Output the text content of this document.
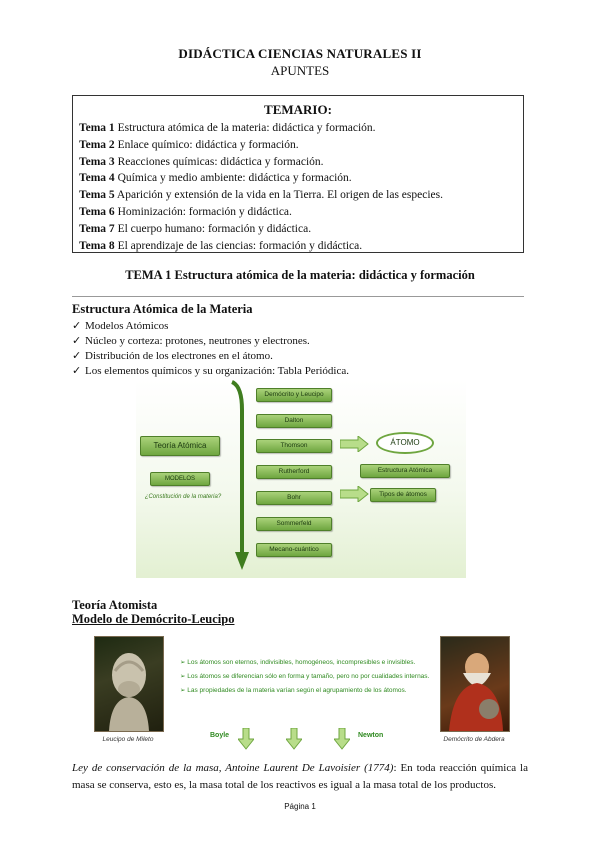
DIDÁCTICA CIENCIAS NATURALES II
APUNTES
TEMARIO:
Tema 1 Estructura atómica de la materia: didáctica y formación.
Tema 2 Enlace químico: didáctica y formación.
Tema 3 Reacciones químicas: didáctica y formación.
Tema 4 Química y medio ambiente: didáctica y formación.
Tema 5 Aparición y extensión de la vida en la Tierra. El origen de las especies.
Tema 6 Hominización: formación y didáctica.
Tema 7 El cuerpo humano: formación y didáctica.
Tema 8 El aprendizaje de las ciencias: formación y didáctica.
TEMA 1 Estructura atómica de la materia: didáctica y formación
Estructura Atómica de la Materia
✓ Modelos Atómicos
✓ Núcleo y corteza: protones, neutrones y electrones.
✓ Distribución de los electrones en el átomo.
✓ Los elementos químicos y su organización: Tabla Periódica.
Teoría Atómica
MODELOS
¿Constitución de la materia?
Demócrito y Leucipo
Dalton
Thomson
Rutherford
Bohr
Sommerfeld
Mecano-cuántico
ÁTOMO
Estructura Atómica
Tipos de átomos
Teoría Atomista
Modelo de Demócrito-Leucipo
Leucipo de Mileto
➢ Los átomos son eternos, indivisibles, homogéneos, incompresibles e invisibles.
➢ Los átomos se diferencian sólo en forma y tamaño, pero no por cualidades internas.
➢ Las propiedades de la materia varían según el agrupamiento de los átomos.
Boyle	Newton
Demócrito de Abdera
Ley de conservación de la masa, Antoine Laurent De Lavoisier (1774): En toda reacción química la masa se conserva, esto es, la masa total de los reactivos es igual a la masa total de los productos.
Página 1
